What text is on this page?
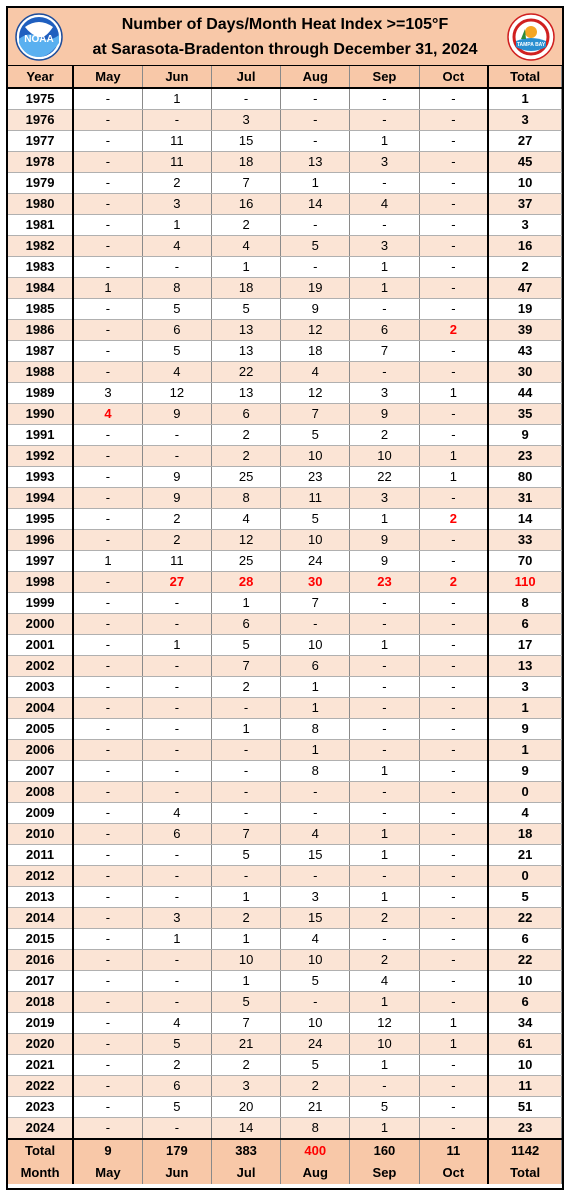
NOAA
Number of Days/Month Heat Index >=105°F
at Sarasota-Bradenton through December 31, 2024	TAMPA BAY
Year	May	Jun	Jul	Aug	Sep	Oct	Total
1975	-	1	-	-	-	-	1
1976	-	-	3	-	-	-	3
1977	-	11	15	-	1	-	27
1978	-	11	18	13	3	-	45
1979	-	2	7	1	-	-	10
1980	-	3	16	14	4	-	37
1981	-	1	2	-	-	-	3
1982	-	4	4	5	3	-	16
1983	-	-	1	-	1	-	2
1984	1	8	18	19	1	-	47
1985	-	5	5	9	-	-	19
1986	-	6	13	12	6	2	39
1987	-	5	13	18	7	-	43
1988	-	4	22	4	-	-	30
1989	3	12	13	12	3	1	44
1990	4	9	6	7	9	-	35
1991	-	-	2	5	2	-	9
1992	-	-	2	10	10	1	23
1993	-	9	25	23	22	1	80
1994	-	9	8	11	3	-	31
1995	-	2	4	5	1	2	14
1996	-	2	12	10	9	-	33
1997	1	11	25	24	9	-	70
1998	-	27	28	30	23	2	110
1999	-	-	1	7	-	-	8
2000	-	-	6	-	-	-	6
2001	-	1	5	10	1	-	17
2002	-	-	7	6	-	-	13
2003	-	-	2	1	-	-	3
2004	-	-	-	1	-	-	1
2005	-	-	1	8	-	-	9
2006	-	-	-	1	-	-	1
2007	-	-	-	8	1	-	9
2008	-	-	-	-	-	-	0
2009	-	4	-	-	-	-	4
2010	-	6	7	4	1	-	18
2011	-	-	5	15	1	-	21
2012	-	-	-	-	-	-	0
2013	-	-	1	3	1	-	5
2014	-	3	2	15	2	-	22
2015	-	1	1	4	-	-	6
2016	-	-	10	10	2	-	22
2017	-	-	1	5	4	-	10
2018	-	-	5	-	1	-	6
2019	-	4	7	10	12	1	34
2020	-	5	21	24	10	1	61
2021	-	2	2	5	1	-	10
2022	-	6	3	2	-	-	11
2023	-	5	20	21	5	-	51
2024	-	-	14	8	1	-	23
Total	9	179	383	400	160	11	1142
Month	May	Jun	Jul	Aug	Sep	Oct	Total
